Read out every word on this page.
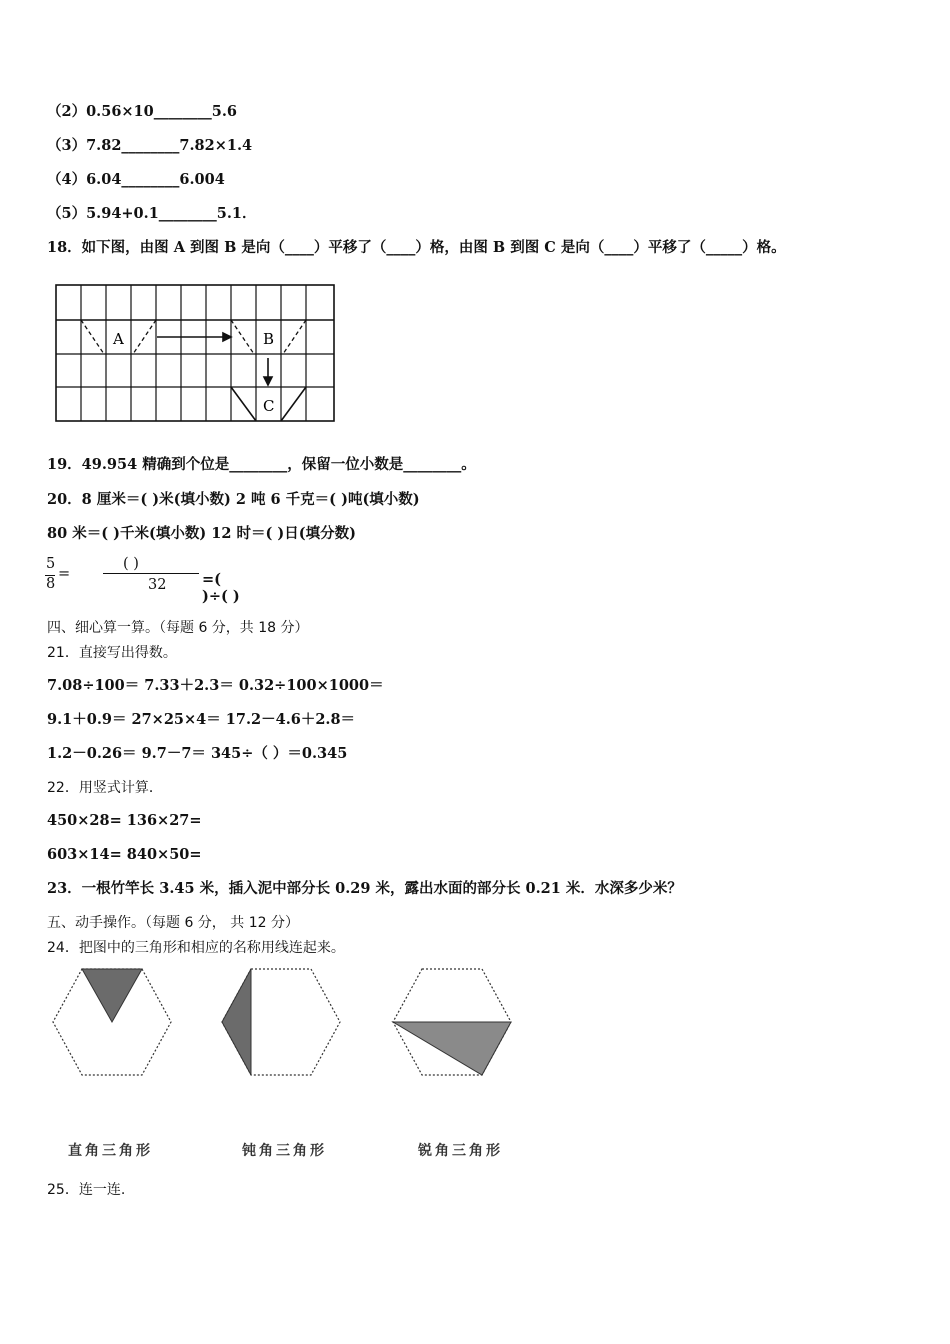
（2）0.56×10________5.6
（3）7.82________7.82×1.4
（4）6.04________6.004
（5）5.94+0.1________5.1．
18．如下图，由图 A 到图 B 是向（____）平移了（____）格，由图 B 到图 C 是向（____）平移了（_____）格。
A	B
C
19．49.954 精确到个位是________，保留一位小数是________。
20．8 厘米＝( )米(填小数) 2 吨 6 千克＝( )吨(填小数)
80 米＝( )千米(填小数) 12 时＝( )日(填分数)
5
8
=
( )
32 =( )÷( )
四、细心算一算。（每题 6 分，共 18 分）
21．直接写出得数。
7.08÷100＝ 7.33＋2.3＝ 0.32÷100×1000＝
9.1＋0.9＝ 27×25×4＝ 17.2－4.6＋2.8＝
1.2－0.26＝ 9.7－7＝ 345÷（ ）＝0.345
22．用竖式计算．
450×28= 136×27=
603×14= 840×50=
23．一根竹竿长 3.45 米，插入泥中部分长 0.29 米，露出水面的部分长 0.21 米．水深多少米？
五、动手操作。（每题 6 分， 共 12 分）
24．把图中的三角形和相应的名称用线连起来。
直角三角形	钝角三角形	锐角三角形
25．连一连.
